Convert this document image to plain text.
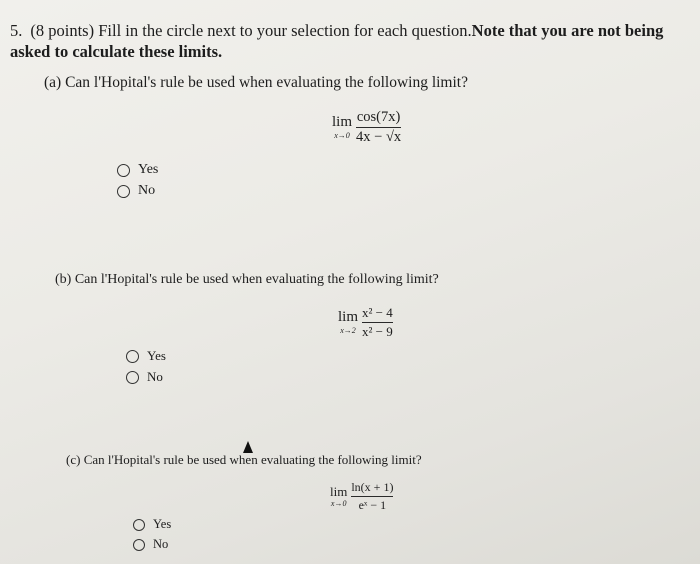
5. (8 points) Fill in the circle next to your selection for each question.Note that you are not being asked to calculate these limits.
(a) Can l'Hopital's rule be used when evaluating the following limit?
lim
$x\to 0 \frac{\cos(7x)}{4x - √x}$
Yes
No
(b) Can l'Hopital's rule be used when evaluating the following limit?
lim
$x\to 2 \frac{\text{x² − 4}}{\text{x² − 9}}$
Yes
No
(c) Can l'Hopital's rule be used when evaluating the following limit?
lim
$x\to 0 \frac{\ln(x + 1)}{\text{eˣ − 1}}$
Yes
No
